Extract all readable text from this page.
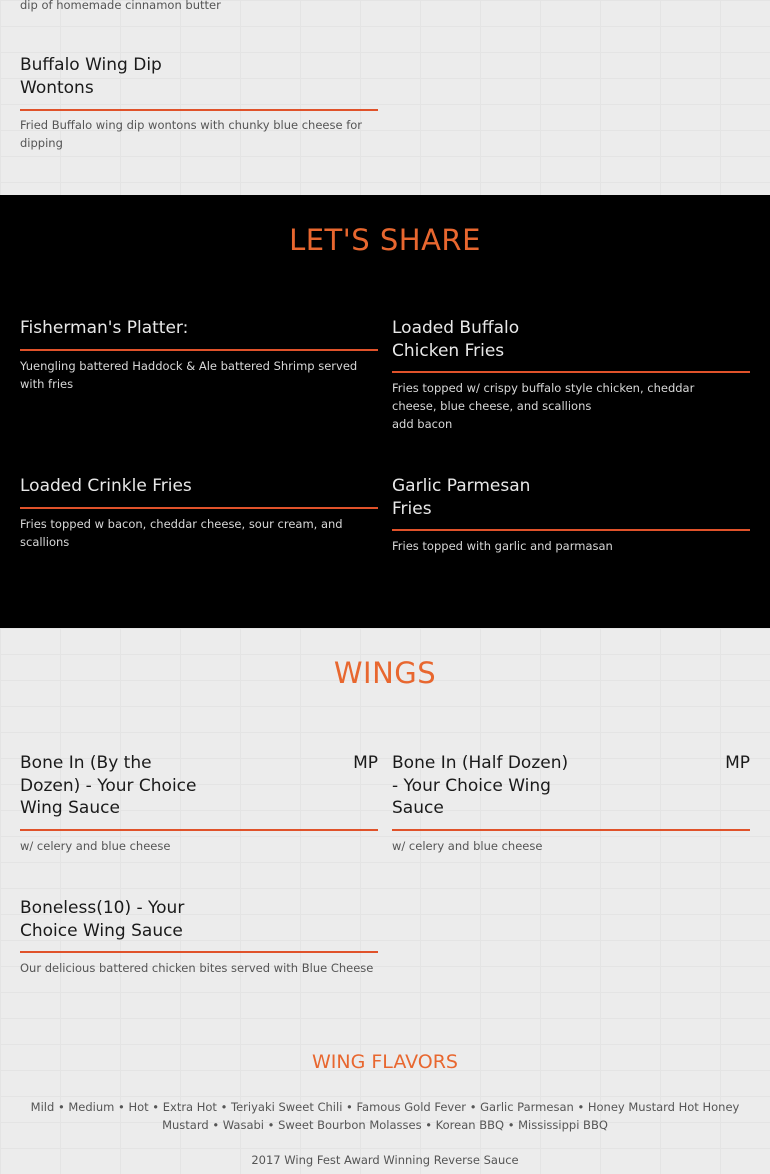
dip of homemade cinnamon butter
Buffalo Wing Dip Wontons
Fried Buffalo wing dip wontons with chunky blue cheese for dipping
LET'S SHARE
Fisherman's Platter:
Yuengling battered Haddock & Ale battered Shrimp served with fries
Loaded Buffalo Chicken Fries
Fries topped w/ crispy buffalo style chicken, cheddar cheese, blue cheese, and scallions
add bacon
Loaded Crinkle Fries
Fries topped w bacon, cheddar cheese, sour cream, and scallions
Garlic Parmesan Fries
Fries topped with garlic and parmasan
WINGS
Bone In (By the Dozen) - Your Choice Wing Sauce
MP
w/ celery and blue cheese
Bone In (Half Dozen) - Your Choice Wing Sauce
MP
w/ celery and blue cheese
Boneless(10) - Your Choice Wing Sauce
Our delicious battered chicken bites served with Blue Cheese
WING FLAVORS

Mild • Medium • Hot • Extra Hot • Teriyaki Sweet Chili • Famous Gold Fever • Garlic Parmesan • Honey Mustard Hot Honey Mustard • Wasabi • Sweet Bourbon Molasses • Korean BBQ • Mississippi BBQ

2017 Wing Fest Award Winning Reverse Sauce
